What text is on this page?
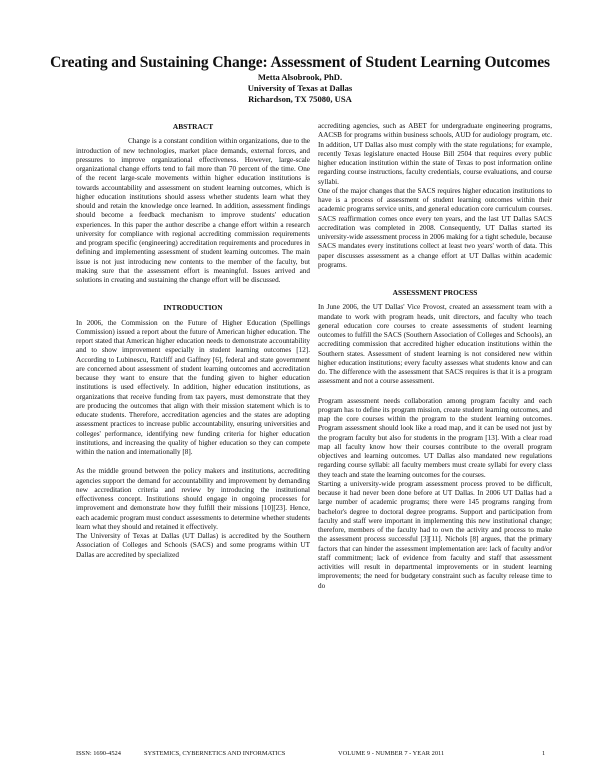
Creating and Sustaining Change: Assessment of Student Learning Outcomes
Metta Alsobrook, PhD.
University of Texas at Dallas
Richardson, TX 75080, USA
ABSTRACT

Change is a constant condition within organizations, due to the introduction of new technologies, market place demands, external forces, and pressures to improve organizational effectiveness. However, large-scale organizational change efforts tend to fail more than 70 percent of the time. One of the recent large-scale movements within higher education institutions is towards accountability and assessment on student learning outcomes, which is higher education institutions should assess whether students learn what they should and retain the knowledge once learned. In addition, assessment findings should become a feedback mechanism to improve students' education experiences. In this paper the author describe a change effort within a research university for compliance with regional accrediting commission requirements and program specific (engineering) accreditation requirements and procedures in defining and implementing assessment of student learning outcomes. The main issue is not just introducing new contents to the member of the faculty, but making sure that the assessment effort is meaningful. Issues arrived and solutions in creating and sustaining the change effort will be discussed.

INTRODUCTION

In 2006, the Commission on the Future of Higher Education (Spellings Commission) issued a report about the future of American higher education. The report stated that American higher education needs to demonstrate accountability and to show improvement especially in student learning outcomes [12]. According to Lubinescu, Ratcliff and Gaffney [6], federal and state government are concerned about assessment of student learning outcomes and accreditation because they want to ensure that the funding given to higher education institutions is used effectively. In addition, higher education institutions, as organizations that receive funding from tax payers, must demonstrate that they are producing the outcomes that align with their mission statement which is to educate students. Therefore, accreditation agencies and the states are adopting assessment practices to increase public accountability, ensuring universities and colleges' performance, identifying new funding criteria for higher education institutions, and increasing the quality of higher education so they can compete within the nation and internationally [8].

As the middle ground between the policy makers and institutions, accrediting agencies support the demand for accountability and improvement by demanding new accreditation criteria and review by introducing the institutional effectiveness concept. Institutions should engage in ongoing processes for improvement and demonstrate how they fulfill their missions [10][23]. Hence, each academic program must conduct assessments to determine whether students learn what they should and retained it effectively.

The University of Texas at Dallas (UT Dallas) is accredited by the Southern Association of Colleges and Schools (SACS) and some programs within UT Dallas are accredited by specialized

accrediting agencies, such as ABET for undergraduate engineering programs, AACSB for programs within business schools, AUD for audiology program, etc. In addition, UT Dallas also must comply with the state regulations; for example, recently Texas legislature enacted House Bill 2504 that requires every public higher education institution within the state of Texas to post information online regarding course instructions, faculty credentials, course evaluations, and course syllabi.

One of the major changes that the SACS requires higher education institutions to have is a process of assessment of student learning outcomes within their academic programs service units, and general education core curriculum courses. SACS reaffirmation comes once every ten years, and the last UT Dallas SACS accreditation was completed in 2008. Consequently, UT Dallas started its university-wide assessment process in 2006 making for a tight schedule, because SACS mandates every institutions collect at least two years' worth of data. This paper discusses assessment as a change effort at UT Dallas within academic programs.

ASSESSMENT PROCESS

In June 2006, the UT Dallas' Vice Provost, created an assessment team with a mandate to work with program heads, unit directors, and faculty who teach general education core courses to create assessments of student learning outcomes to fulfill the SACS (Southern Association of Colleges and Schools), an accrediting commission that accredited higher education institutions within the Southern states. Assessment of student learning is not considered new within higher education institutions; every faculty assesses what students know and can do. The difference with the assessment that SACS requires is that it is a program assessment and not a course assessment.

Program assessment needs collaboration among program faculty and each program has to define its program mission, create student learning outcomes, and map the core courses within the program to the student learning outcomes. Program assessment should look like a road map, and it can be used not just by the program faculty but also for students in the program [13]. With a clear road map all faculty know how their courses contribute to the overall program objectives and learning outcomes. UT Dallas also mandated new regulations regarding course syllabi: all faculty members must create syllabi for every class they teach and state the learning outcomes for the courses.

Starting a university-wide program assessment process proved to be difficult, because it had never been done before at UT Dallas. In 2006 UT Dallas had a large number of academic programs; there were 145 programs ranging from bachelor's degree to doctoral degree programs. Support and participation from faculty and staff were important in implementing this new institutional change; therefore, members of the faculty had to own the activity and process to make the assessment process successful [3][11]. Nichols [8] argues, that the primary factors that can hinder the assessment implementation are: lack of faculty and/or staff commitment; lack of evidence from faculty and staff that assessment activities will result in departmental improvements or in student learning improvements; the need for budgetary constraint such as faculty release time to do

ISSN: 1690-4524	SYSTEMICS, CYBERNETICS AND INFORMATICS	VOLUME 9 - NUMBER 7 - YEAR 2011	1
